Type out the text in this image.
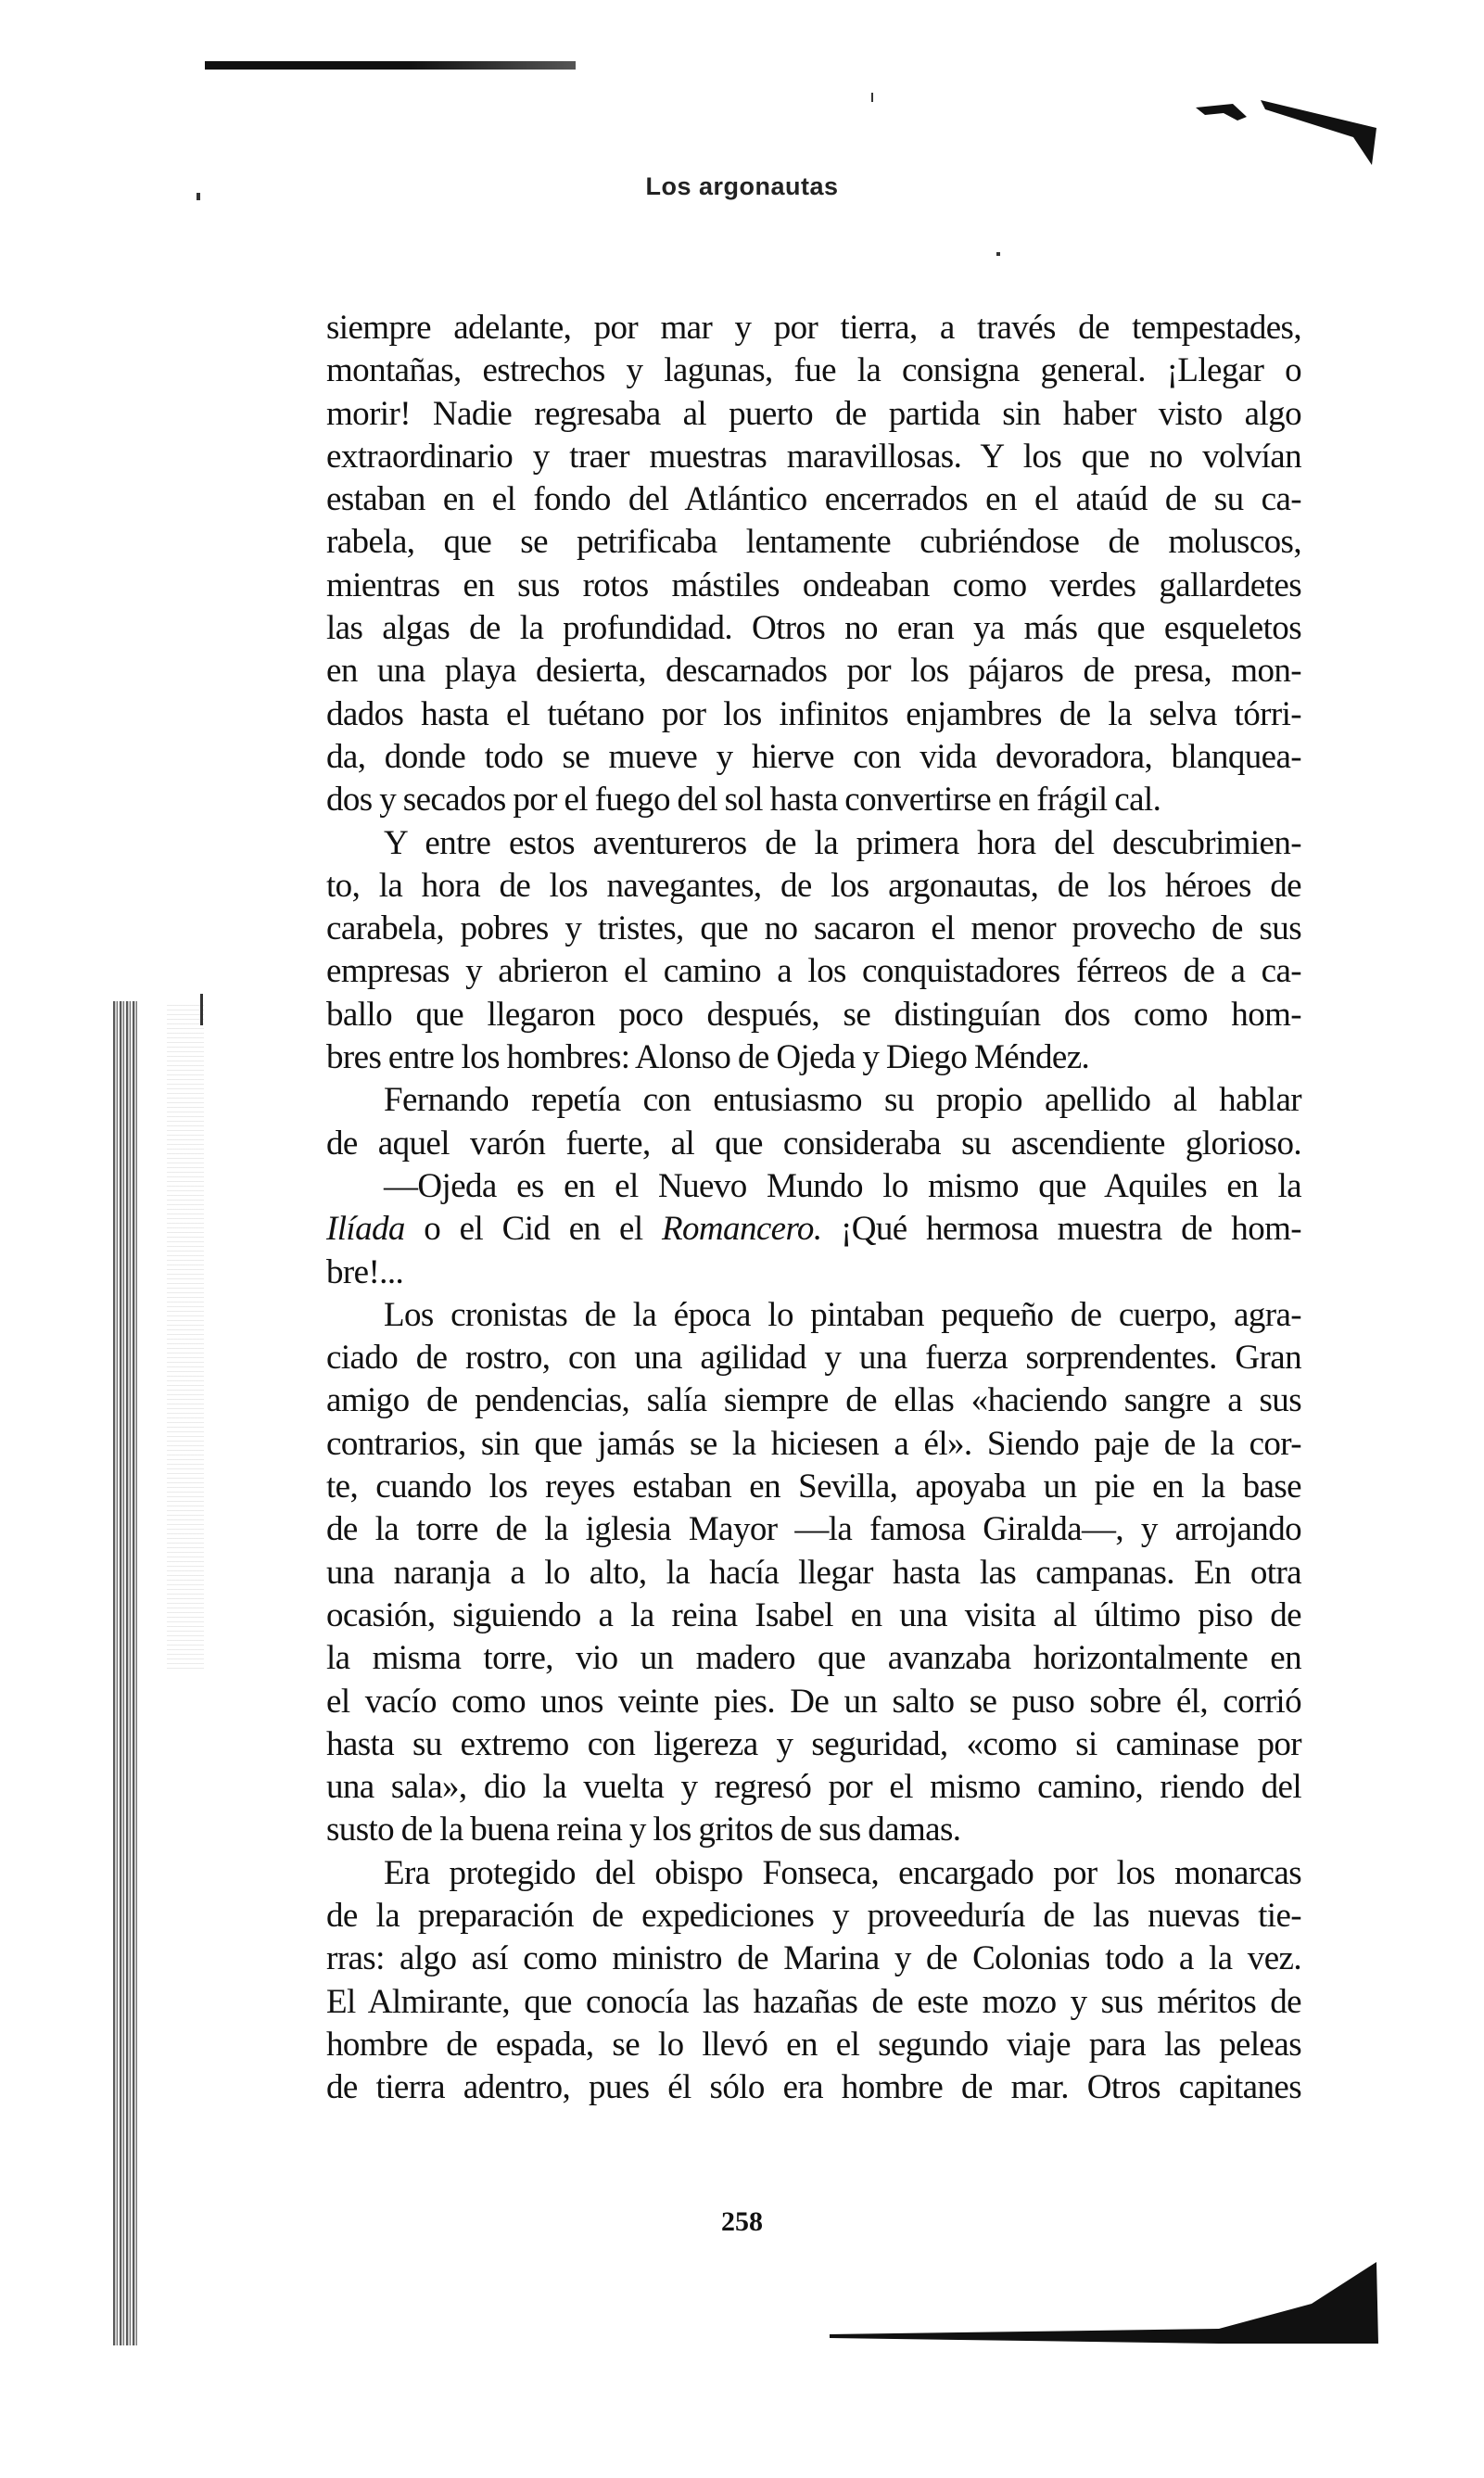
Los argonautas
siempre adelante, por mar y por tierra, a través de tempestades,
montañas, estrechos y lagunas, fue la consigna general. ¡Llegar o
morir! Nadie regresaba al puerto de partida sin haber visto algo
extraordinario y traer muestras maravillosas. Y los que no volvían
estaban en el fondo del Atlántico encerrados en el ataúd de su ca-
rabela, que se petrificaba lentamente cubriéndose de moluscos,
mientras en sus rotos mástiles ondeaban como verdes gallardetes
las algas de la profundidad. Otros no eran ya más que esqueletos
en una playa desierta, descarnados por los pájaros de presa, mon-
dados hasta el tuétano por los infinitos enjambres de la selva tórri-
da, donde todo se mueve y hierve con vida devoradora, blanquea-
dos y secados por el fuego del sol hasta convertirse en frágil cal.
Y entre estos aventureros de la primera hora del descubrimien-
to, la hora de los navegantes, de los argonautas, de los héroes de
carabela, pobres y tristes, que no sacaron el menor provecho de sus
empresas y abrieron el camino a los conquistadores férreos de a ca-
ballo que llegaron poco después, se distinguían dos como hom-
bres entre los hombres: Alonso de Ojeda y Diego Méndez.
Fernando repetía con entusiasmo su propio apellido al hablar
de aquel varón fuerte, al que consideraba su ascendiente glorioso.
—Ojeda es en el Nuevo Mundo lo mismo que Aquiles en la
Ilíada o el Cid en el Romancero. ¡Qué hermosa muestra de hom-
bre!...
Los cronistas de la época lo pintaban pequeño de cuerpo, agra-
ciado de rostro, con una agilidad y una fuerza sorprendentes. Gran
amigo de pendencias, salía siempre de ellas «haciendo sangre a sus
contrarios, sin que jamás se la hiciesen a él». Siendo paje de la cor-
te, cuando los reyes estaban en Sevilla, apoyaba un pie en la base
de la torre de la iglesia Mayor —la famosa Giralda—, y arrojando
una naranja a lo alto, la hacía llegar hasta las campanas. En otra
ocasión, siguiendo a la reina Isabel en una visita al último piso de
la misma torre, vio un madero que avanzaba horizontalmente en
el vacío como unos veinte pies. De un salto se puso sobre él, corrió
hasta su extremo con ligereza y seguridad, «como si caminase por
una sala», dio la vuelta y regresó por el mismo camino, riendo del
susto de la buena reina y los gritos de sus damas.
Era protegido del obispo Fonseca, encargado por los monarcas
de la preparación de expediciones y proveeduría de las nuevas tie-
rras: algo así como ministro de Marina y de Colonias todo a la vez.
El Almirante, que conocía las hazañas de este mozo y sus méritos de
hombre de espada, se lo llevó en el segundo viaje para las peleas
de tierra adentro, pues él sólo era hombre de mar. Otros capitanes
258
